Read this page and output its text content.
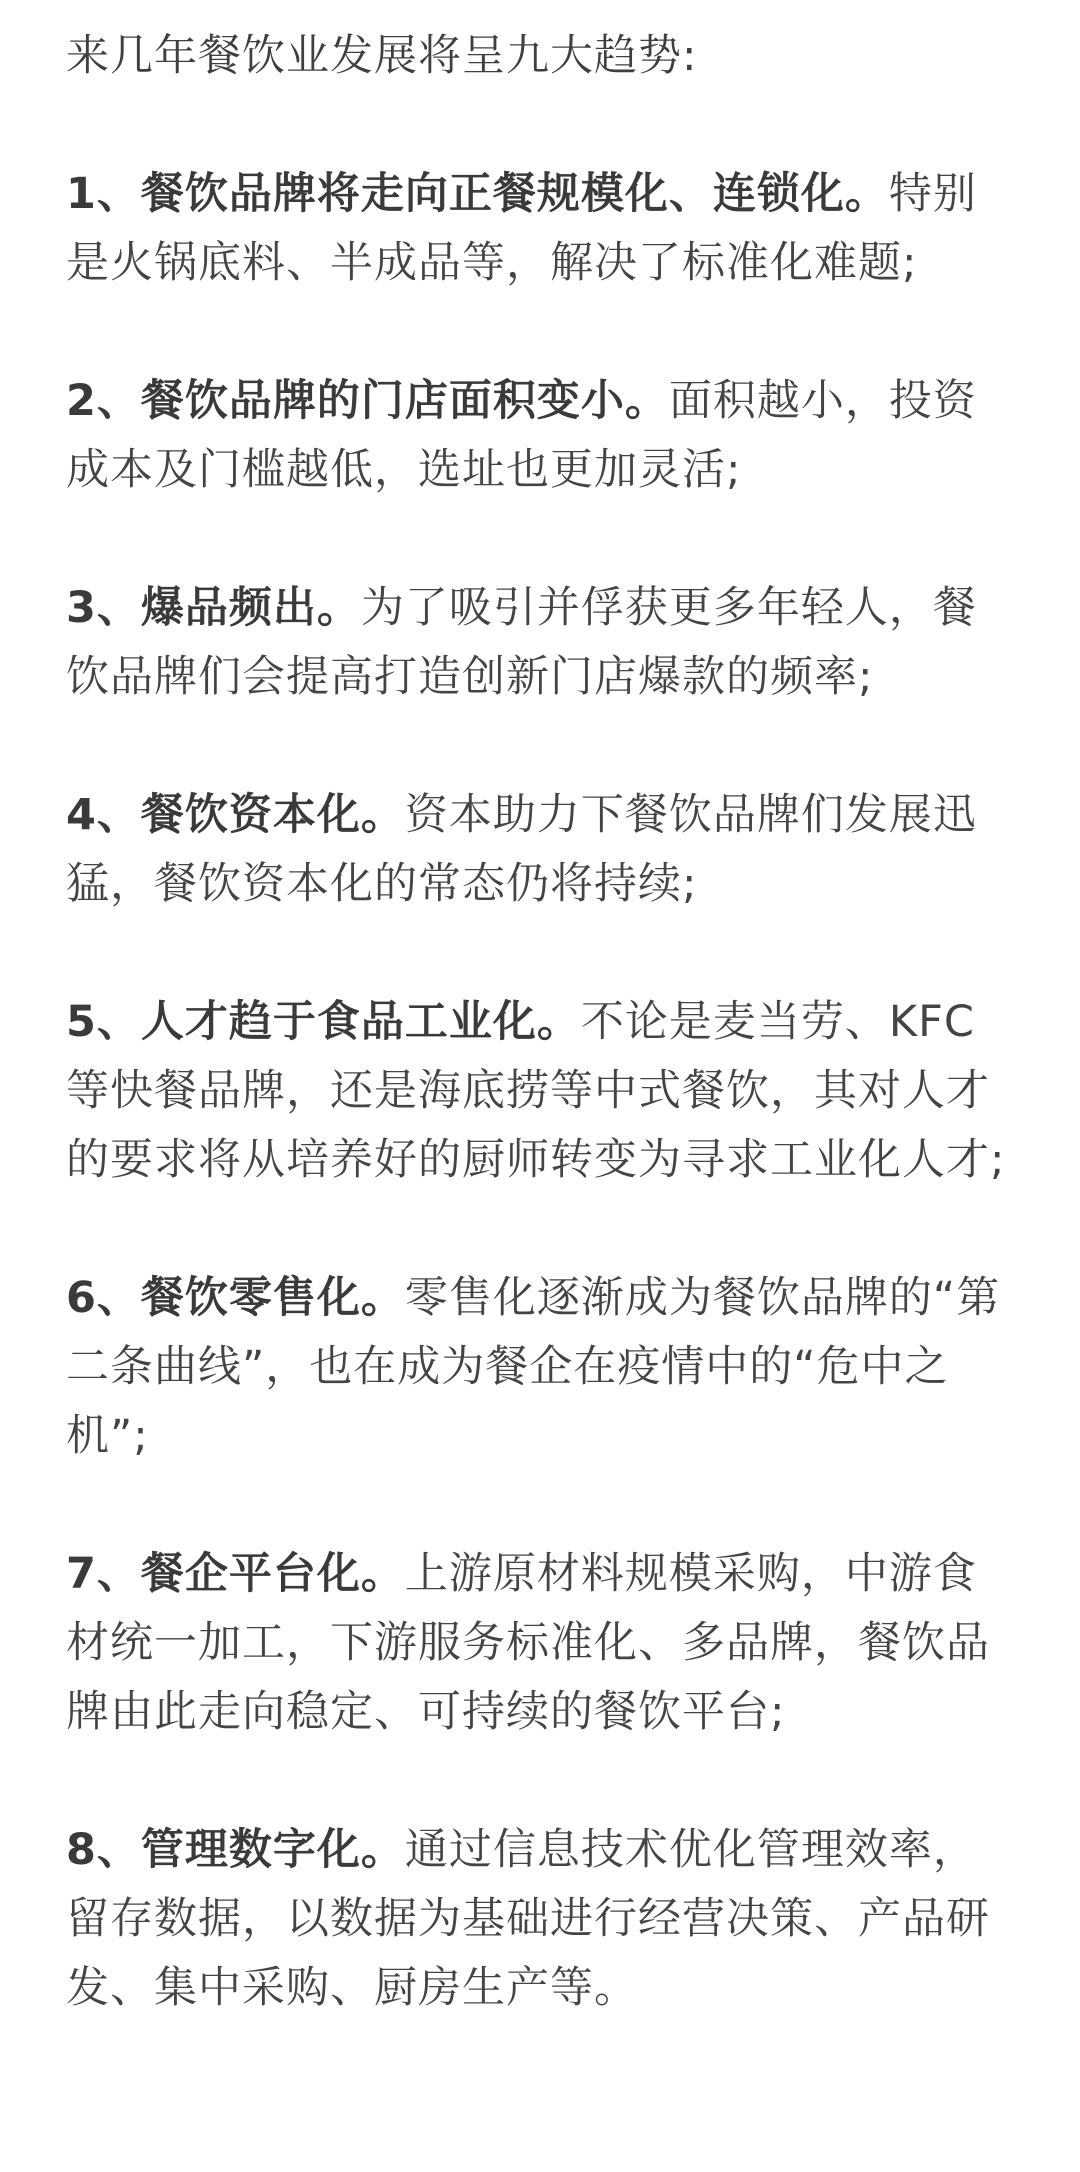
来几年餐饮业发展将呈九大趋势:

1、餐饮品牌将走向正餐规模化、连锁化。特别是火锅底料、半成品等，解决了标准化难题;

2、餐饮品牌的门店面积变小。面积越小，投资成本及门槛越低，选址也更加灵活;

3、爆品频出。为了吸引并俘获更多年轻人，餐饮品牌们会提高打造创新门店爆款的频率;

4、餐饮资本化。资本助力下餐饮品牌们发展迅猛，餐饮资本化的常态仍将持续;

5、人才趋于食品工业化。不论是麦当劳、KFC等快餐品牌，还是海底捞等中式餐饮，其对人才的要求将从培养好的厨师转变为寻求工业化人才;

6、餐饮零售化。零售化逐渐成为餐饮品牌的“第二条曲线”，也在成为餐企在疫情中的“危中之机”;

7、餐企平台化。上游原材料规模采购，中游食材统一加工，下游服务标准化、多品牌，餐饮品牌由此走向稳定、可持续的餐饮平台;

8、管理数字化。通过信息技术优化管理效率，留存数据，以数据为基础进行经营决策、产品研发、集中采购、厨房生产等。
